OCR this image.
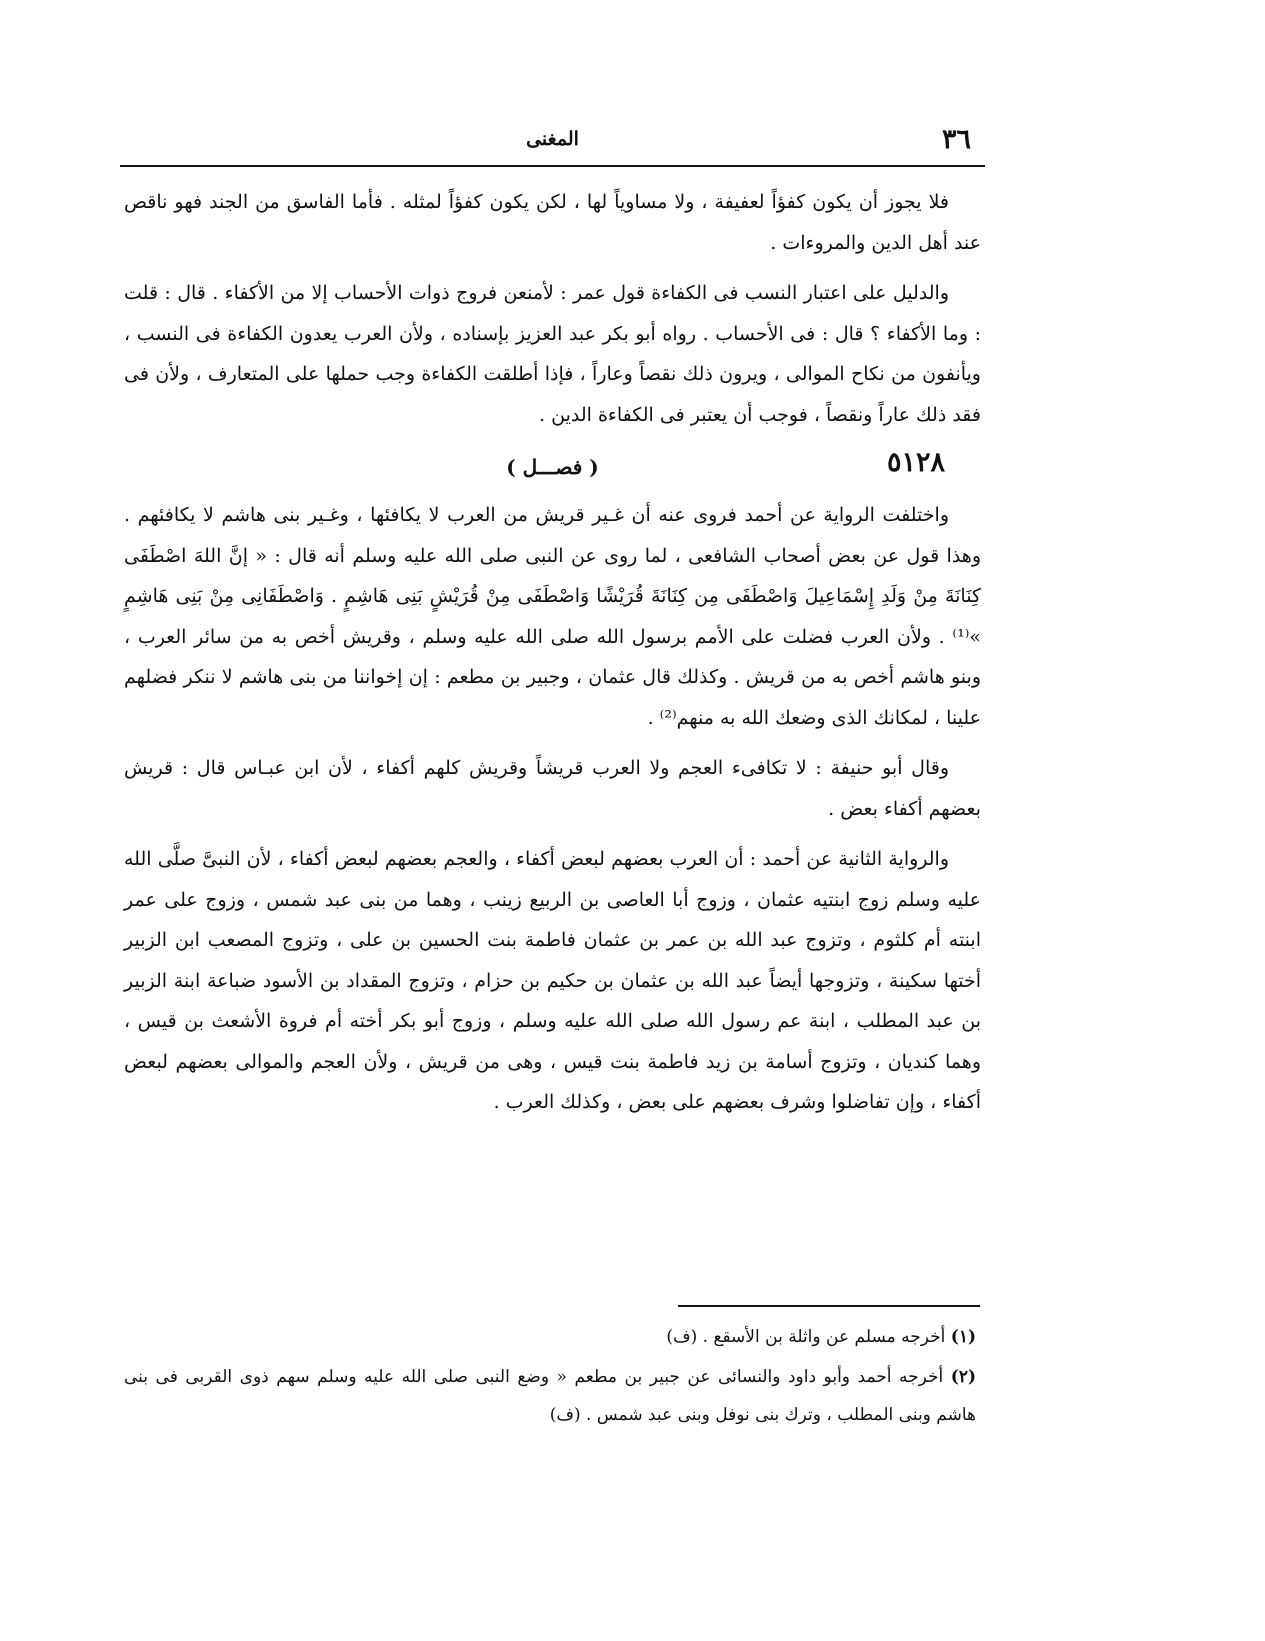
٣٦
المغنى

فلا يجوز أن يكون كفؤاً لعفيفة ، ولا مساوياً لها ، لكن يكون كفؤاً لمثله . فأما الفاسق من الجند فهو ناقص عند أهل الدين والمروءات .

والدليل على اعتبار النسب فى الكفاءة قول عمر : لأمنعن فروج ذوات الأحساب إلا من الأكفاء . قال : قلت : وما الأكفاء ؟ قال : فى الأحساب . رواه أبو بكر عبد العزيز بإسناده ، ولأن العرب يعدون الكفاءة فى النسب ، ويأنفون من نكاح الموالى ، ويرون ذلك نقصاً وعاراً ، فإذا أطلقت الكفاءة وجب حملها على المتعارف ، ولأن فى فقد ذلك عاراً ونقصاً ، فوجب أن يعتبر فى الكفاءة الدين .

٥١٢٨
( فصـــل )

واختلفت الرواية عن أحمد فروى عنه أن غـير قريش من العرب لا يكافئها ، وغـير بنى هاشم لا يكافئهم . وهذا قول عن بعض أصحاب الشافعى ، لما روى عن النبى صلى الله عليه وسلم أنه قال : « إنَّ اللهَ اصْطَفَى كِنَانَةَ مِنْ وَلَدِ إِسْمَاعِيلَ وَاصْطَفَى مِن كِنَانَةَ قُرَيْشًا وَاصْطَفَى مِنْ قُرَيْشٍ بَنِى هَاشِمٍ . وَاصْطَفَانِى مِنْ بَنِى هَاشِمٍ »⁽¹⁾ . ولأن العرب فضلت على الأمم برسول الله صلى الله عليه وسلم ، وقريش أخص به من سائر العرب ، وبنو هاشم أخص به من قريش . وكذلك قال عثمان ، وجبير بن مطعم : إن إخواننا من بنى هاشم لا ننكر فضلهم علينا ، لمكانك الذى وضعك الله به منهم⁽²⁾ .

وقال أبو حنيفة : لا تكافىء العجم ولا العرب قريشاً وقريش كلهم أكفاء ، لأن ابن عبـاس قال : قريش بعضهم أكفاء بعض .

والرواية الثانية عن أحمد : أن العرب بعضهم لبعض أكفاء ، والعجم بعضهم لبعض أكفاء ، لأن النبىَّ صلَّى الله عليه وسلم زوج ابنتيه عثمان ، وزوج أبا العاصى بن الربيع زينب ، وهما من بنى عبد شمس ، وزوج على عمر ابنته أم كلثوم ، وتزوج عبد الله بن عمر بن عثمان فاطمة بنت الحسين بن على ، وتزوج المصعب ابن الزبير أختها سكينة ، وتزوجها أيضاً عبد الله بن عثمان بن حكيم بن حزام ، وتزوج المقداد بن الأسود ضباعة ابنة الزبير بن عبد المطلب ، ابنة عم رسول الله صلى الله عليه وسلم ، وزوج أبو بكر أخته أم فروة الأشعث بن قيس ، وهما كنديان ، وتزوج أسامة بن زيد فاطمة بنت قيس ، وهى من قريش ، ولأن العجم والموالى بعضهم لبعض أكفاء ، وإن تفاضلوا وشرف بعضهم على بعض ، وكذلك العرب .

(١) أخرجه مسلم عن واثلة بن الأسقع . (ف)

(٢) أخرجه أحمد وأبو داود والنسائى عن جبير بن مطعم « وضع النبى صلى الله عليه وسلم سهم ذوى القربى فى بنى هاشم وبنى المطلب ، وترك بنى نوفل وبنى عبد شمس . (ف)
